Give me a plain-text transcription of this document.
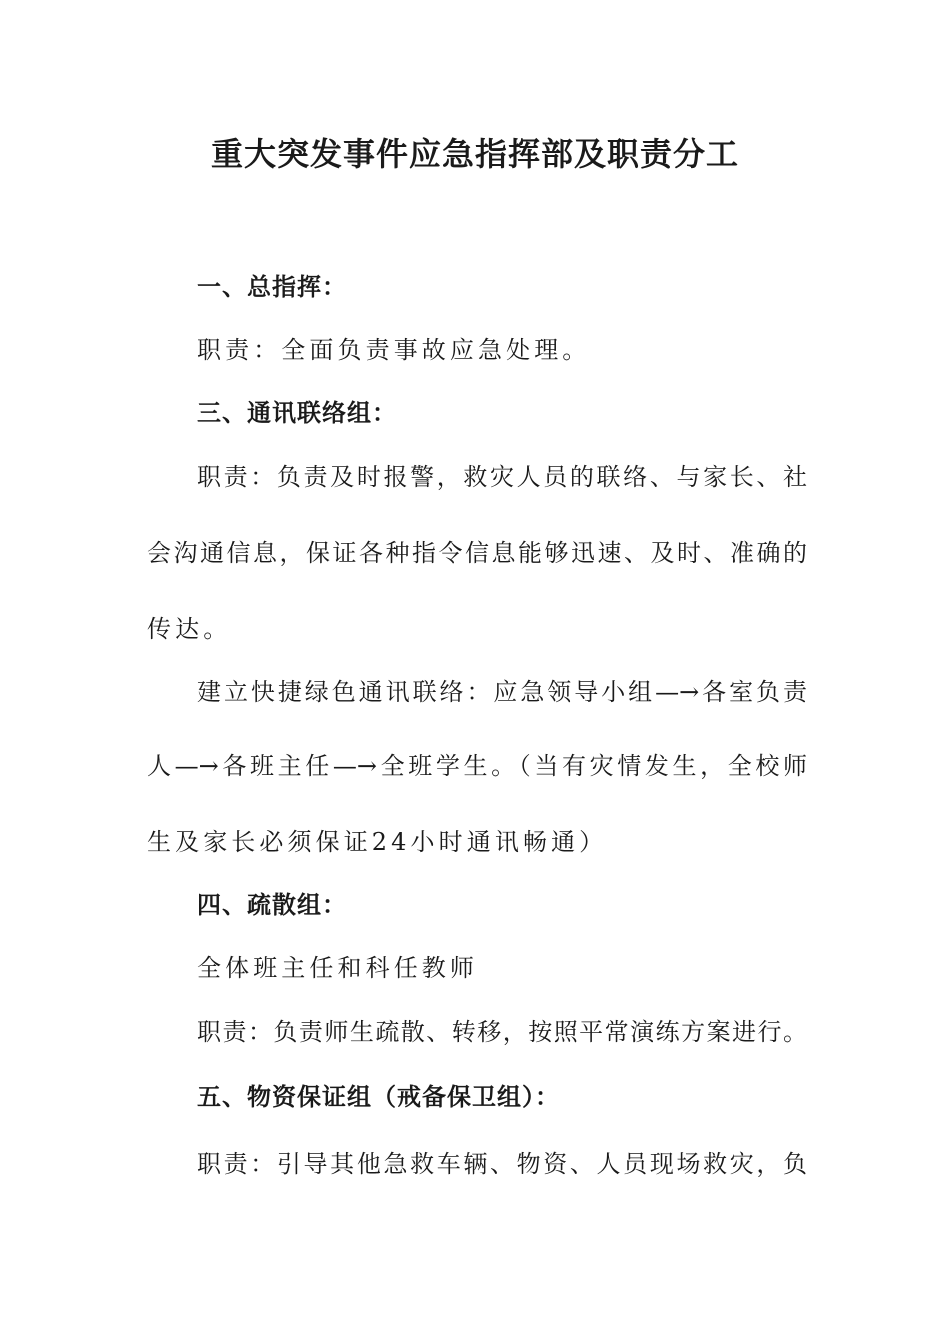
重大突发事件应急指挥部及职责分工
一、总指挥：
职责：全面负责事故应急处理。
三、通讯联络组：
职责：负责及时报警，救灾人员的联络、与家长、社
会沟通信息，保证各种指令信息能够迅速、及时、准确的
传达。
建立快捷绿色通讯联络：应急领导小组—→各室负责
人—→各班主任—→全班学生。（当有灾情发生，全校师
生及家长必须保证24小时通讯畅通）
四、疏散组：
全体班主任和科任教师
职责：负责师生疏散、转移，按照平常演练方案进行。
五、物资保证组（戒备保卫组）：
职责：引导其他急救车辆、物资、人员现场救灾，负
